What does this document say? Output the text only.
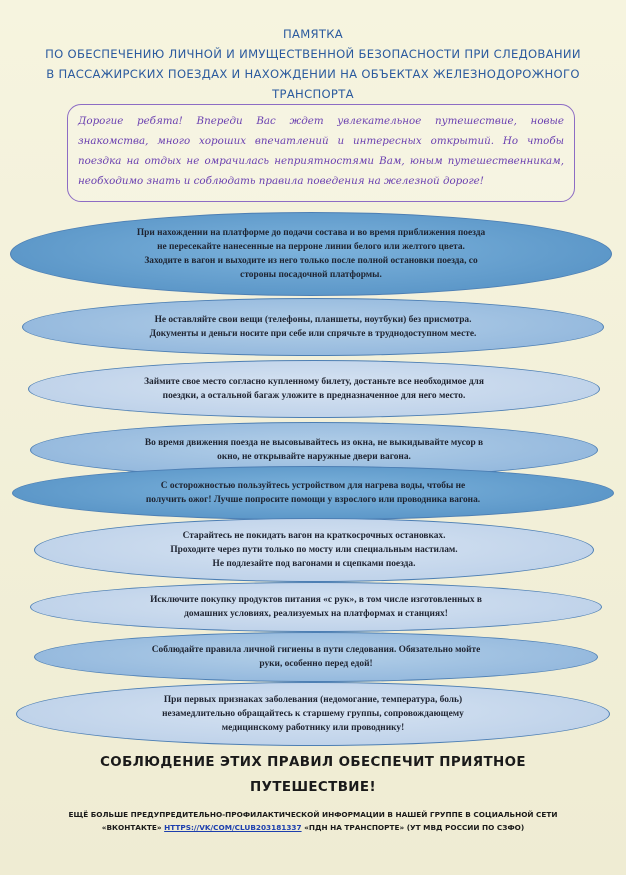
ПАМЯТКА
ПО ОБЕСПЕЧЕНИЮ ЛИЧНОЙ И ИМУЩЕСТВЕННОЙ БЕЗОПАСНОСТИ ПРИ СЛЕДОВАНИИ
В ПАССАЖИРСКИХ ПОЕЗДАХ И НАХОЖДЕНИИ НА ОБЪЕКТАХ ЖЕЛЕЗНОДОРОЖНОГО
ТРАНСПОРТА
Дорогие ребята! Впереди Вас ждет увлекательное путешествие, новые знакомства, много хороших впечатлений и интересных открытий. Но чтобы поездка на отдых не омрачилась неприятностями Вам, юным путешественникам, необходимо знать и соблюдать правила поведения на железной дороге!
При нахождении на платформе до подачи состава и во время приближения поезда
не пересекайте нанесенные на перроне линии белого или желтого цвета.
Заходите в вагон и выходите из него только после полной остановки поезда, со
стороны посадочной платформы.
Не оставляйте свои вещи (телефоны, планшеты, ноутбуки) без присмотра.
Документы и деньги носите при себе или спрячьте в труднодоступном месте.
Займите свое место согласно купленному билету, достаньте все необходимое для
поездки, а остальной багаж уложите в предназначенное для него место.
Во время движения поезда не высовывайтесь из окна, не выкидывайте мусор в
окно, не открывайте наружные двери вагона.
С осторожностью пользуйтесь устройством для нагрева воды, чтобы не
получить ожог! Лучше попросите помощи у взрослого или проводника вагона.
Старайтесь не покидать вагон на краткосрочных остановках.
Проходите через пути только по мосту или специальным настилам.
Не подлезайте под вагонами и сцепками поезда.
Исключите покупку продуктов питания «с рук», в том числе изготовленных в
домашних условиях, реализуемых на платформах и станциях!
Соблюдайте правила личной гигиены в пути следования. Обязательно мойте
руки, особенно перед едой!
При первых признаках заболевания (недомогание, температура, боль)
незамедлительно обращайтесь к старшему группы, сопровождающему
медицинскому работнику или проводнику!
СОБЛЮДЕНИЕ ЭТИХ ПРАВИЛ ОБЕСПЕЧИТ ПРИЯТНОЕ
ПУТЕШЕСТВИЕ!
ЕЩЁ БОЛЬШЕ ПРЕДУПРЕДИТЕЛЬНО-ПРОФИЛАКТИЧЕСКОЙ ИНФОРМАЦИИ В НАШЕЙ ГРУППЕ В СОЦИАЛЬНОЙ СЕТИ
«ВКОНТАКТЕ» HTTPS://VK/COM/CLUB203181337 «ПДН НА ТРАНСПОРТЕ» (УТ МВД РОССИИ ПО СЗФО)
